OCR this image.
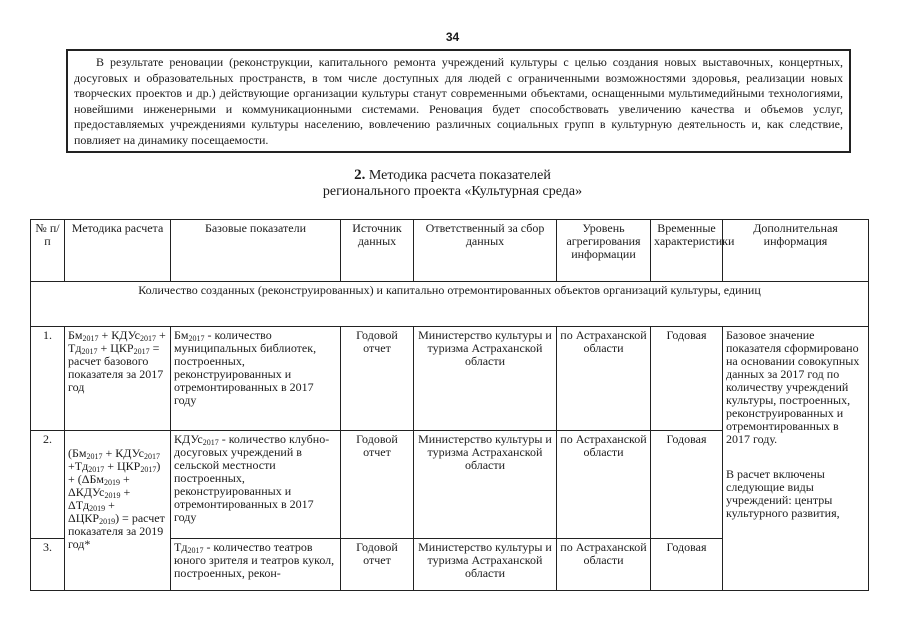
34

В результате реновации (реконструкции, капитального ремонта учреждений культуры с целью создания новых выставочных, концертных, досуговых и образовательных пространств, в том числе доступных для людей с ограниченными возможностями здоровья, реализации новых творческих проектов и др.) действующие организации культуры станут современными объектами, оснащенными мультимедийными технологиями, новейшими инженерными и коммуникационными системами. Реновация будет способствовать увеличению качества и объемов услуг, предоставляемых учреждениями культуры населению, вовлечению различных социальных групп в культурную деятельность и, как следствие, повлияет на динамику посещаемости.

2. Методика расчета показателей
регионального проекта «Культурная среда»
№ п/п	Методика расчета	Базовые показатели	Источник данных	Ответственный за сбор данных	Уровень агрегирования информации	Временные характеристики	Дополнительная информация
Количество созданных (реконструированных) и капитально отремонтированных объектов организаций культуры, единиц							
1.	$Бм_{2017}$ + КДУс$_{2017}$ + $Тд_{2017} + ЦКР_{2017}$ = расчет базового показателя за 2017 год	$Бм_{2017}$ - количество муниципальных библиотек, построенных, реконструированных и отремонтированных в 2017 году	Годовой отчет	Министерство культуры и туризма Астраханской области	по Астраханской области	Годовая	Базовое значение показателя сформировано на основании совокупных данных за 2017 год по количеству учреждений культуры, построенных, реконструированных и отремонтированных в 2017 году.
В расчет включены следующие виды учреждений: центры культурного развития,

2.	($Бм_{2017}$ + КДУс$_{2017}$ $+Тд_{2017} + ЦКР_{2017}) + (\Delta Бм_{2019}$ + ΔКДУс$_{2019}$ + $\Delta Тд_{2019} + \Delta ЦКР_{2019}$) = расчет показателя за 2019 год*	КДУс$_{2017}$ - количество клубно-досуговых учреждений в сельской местности построенных, реконструированных и отремонтированных в 2017 году	Годовой отчет	Министерство культуры и туризма Астраханской области	по Астраханской области	Годовая	
3.		$Тд_{2017}$ - количество театров юного зрителя и театров кукол, построенных, рекон-	Годовой отчет	Министерство культуры и туризма Астраханской области	по Астраханской области	Годовая	
